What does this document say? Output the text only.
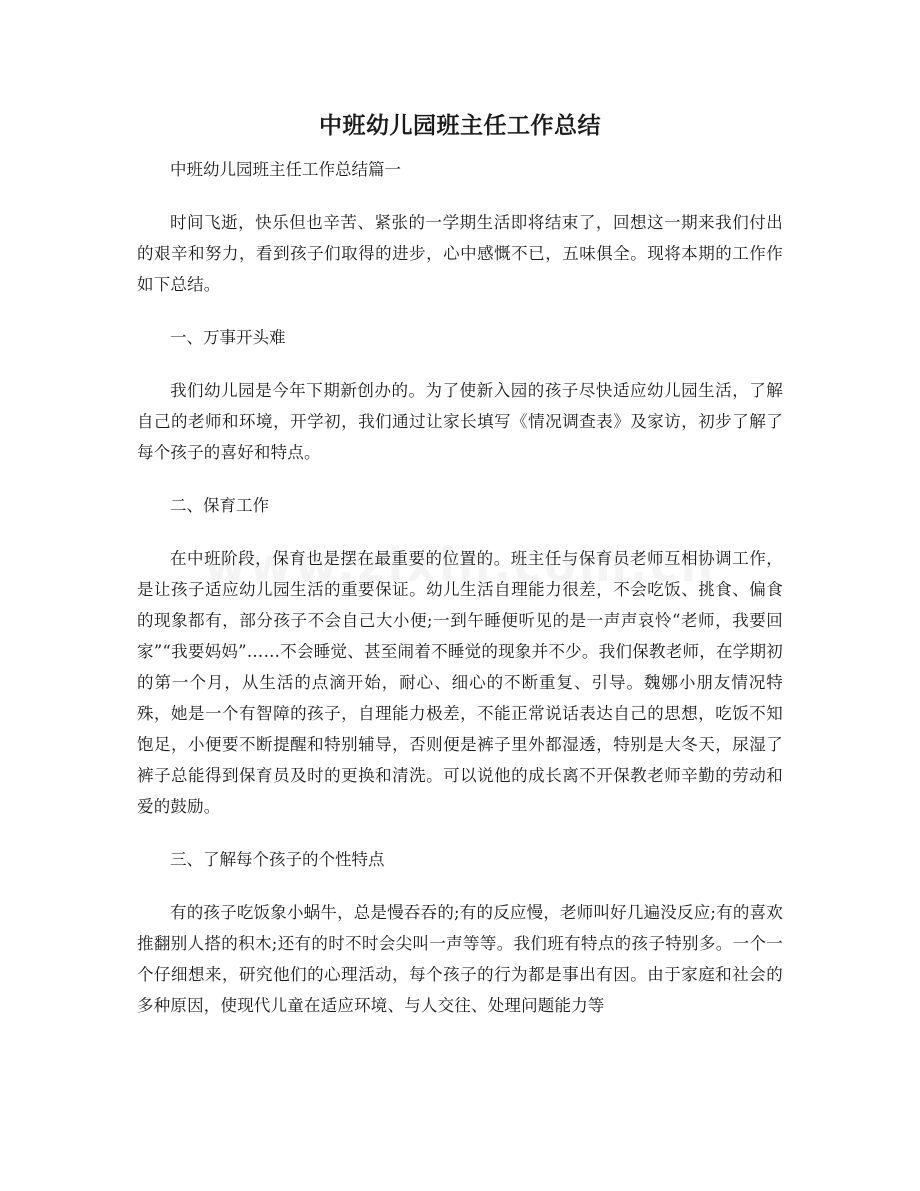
中班幼儿园班主任工作总结

中班幼儿园班主任工作总结篇一

时间飞逝，快乐但也辛苦、紧张的一学期生活即将结束了，回想这一期来我们付出的艰辛和努力，看到孩子们取得的进步，心中感慨不已，五味俱全。现将本期的工作作如下总结。

一、万事开头难

我们幼儿园是今年下期新创办的。为了使新入园的孩子尽快适应幼儿园生活，了解自己的老师和环境，开学初，我们通过让家长填写《情况调查表》及家访，初步了解了每个孩子的喜好和特点。

二、保育工作

在中班阶段，保育也是摆在最重要的位置的。班主任与保育员老师互相协调工作，是让孩子适应幼儿园生活的重要保证。幼儿生活自理能力很差，不会吃饭、挑食、偏食的现象都有，部分孩子不会自己大小便;一到午睡便听见的是一声声哀怜“老师，我要回家”“我要妈妈”……不会睡觉、甚至闹着不睡觉的现象并不少。我们保教老师，在学期初的第一个月，从生活的点滴开始，耐心、细心的不断重复、引导。魏娜小朋友情况特殊，她是一个有智障的孩子，自理能力极差，不能正常说话表达自己的思想，吃饭不知饱足，小便要不断提醒和特别辅导，否则便是裤子里外都湿透，特别是大冬天，尿湿了裤子总能得到保育员及时的更换和清洗。可以说他的成长离不开保教老师辛勤的劳动和爱的鼓励。

三、了解每个孩子的个性特点

有的孩子吃饭象小蜗牛，总是慢吞吞的;有的反应慢，老师叫好几遍没反应;有的喜欢推翻别人搭的积木;还有的时不时会尖叫一声等等。我们班有特点的孩子特别多。一个一个仔细想来，研究他们的心理活动，每个孩子的行为都是事出有因。由于家庭和社会的多种原因，使现代儿童在适应环境、与人交往、处理问题能力等
